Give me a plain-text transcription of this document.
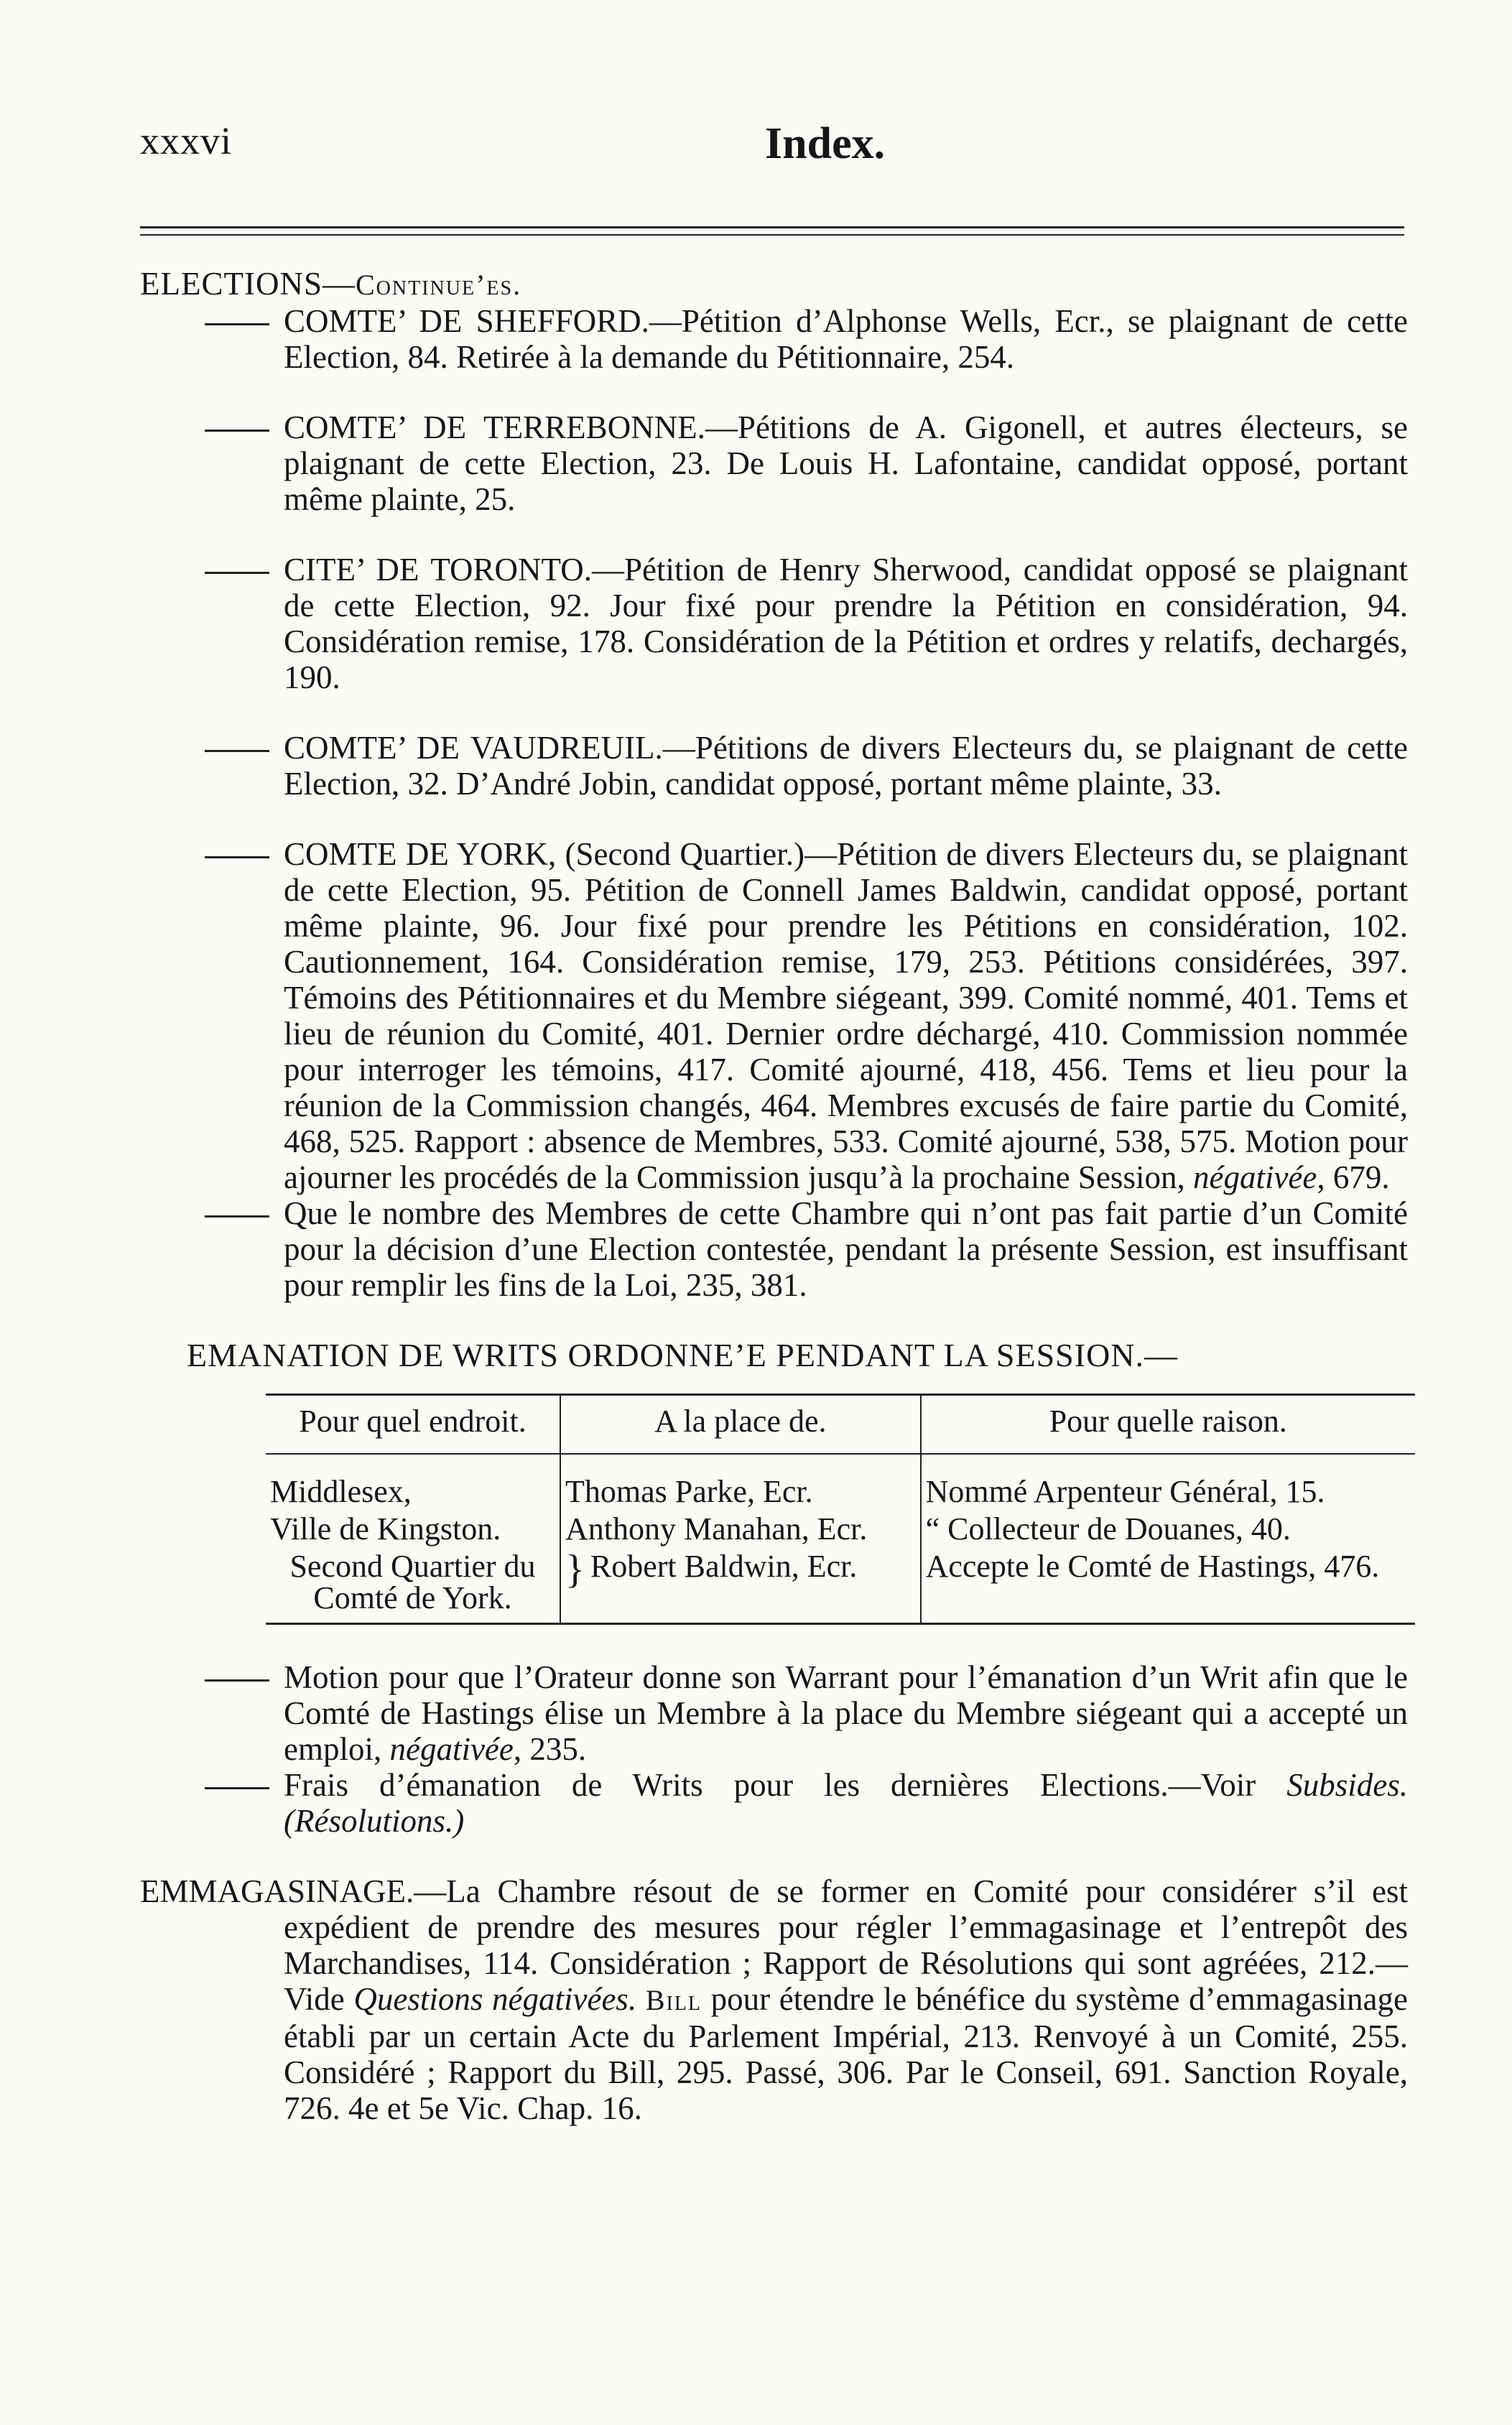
xxxvi	Index.

ELECTIONS—Continue’es.

COMTE’ DE SHEFFORD.—Pétition d’Alphonse Wells, Ecr., se plaignant de cette Election, 84. Retirée à la demande du Pétitionnaire, 254.

COMTE’ DE TERREBONNE.—Pétitions de A. Gigonell, et autres électeurs, se plaignant de cette Election, 23. De Louis H. Lafontaine, candidat opposé, portant même plainte, 25.

CITE’ DE TORONTO.—Pétition de Henry Sherwood, candidat opposé se plaignant de cette Election, 92. Jour fixé pour prendre la Pétition en considération, 94. Considération remise, 178. Considération de la Pétition et ordres y relatifs, dechargés, 190.

COMTE’ DE VAUDREUIL.—Pétitions de divers Electeurs du, se plaignant de cette Election, 32. D’André Jobin, candidat opposé, portant même plainte, 33.

COMTE DE YORK, (Second Quartier.)—Pétition de divers Electeurs du, se plaignant de cette Election, 95. Pétition de Connell James Baldwin, candidat opposé, portant même plainte, 96. Jour fixé pour prendre les Pétitions en considération, 102. Cautionnement, 164. Considération remise, 179, 253. Pétitions considérées, 397. Témoins des Pétitionnaires et du Membre siégeant, 399. Comité nommé, 401. Tems et lieu de réunion du Comité, 401. Dernier ordre déchargé, 410. Commission nommée pour interroger les témoins, 417. Comité ajourné, 418, 456. Tems et lieu pour la réunion de la Commission changés, 464. Membres excusés de faire partie du Comité, 468, 525. Rapport : absence de Membres, 533. Comité ajourné, 538, 575. Motion pour ajourner les procédés de la Commission jusqu’à la prochaine Session, négativée, 679.

Que le nombre des Membres de cette Chambre qui n’ont pas fait partie d’un Comité pour la décision d’une Election contestée, pendant la présente Session, est insuffisant pour remplir les fins de la Loi, 235, 381.

EMANATION DE WRITS ORDONNE’E PENDANT LA SESSION.—

Pour quel endroit.	A la place de.	Pour quelle raison.

Middlesex,	Thomas Parke, Ecr.	Nommé Arpenteur Général, 15.
Ville de Kingston.	Anthony Manahan, Ecr.	“ Collecteur de Douanes, 40.
Second Quartier du Comté de York.	} Robert Baldwin, Ecr.	Accepte le Comté de Hastings, 476.

Motion pour que l’Orateur donne son Warrant pour l’émanation d’un Writ afin que le Comté de Hastings élise un Membre à la place du Membre siégeant qui a accepté un emploi, négativée, 235.

Frais d’émanation de Writs pour les dernières Elections.—Voir Subsides. (Résolutions.)

EMMAGASINAGE.—La Chambre résout de se former en Comité pour considérer s’il est expédient de prendre des mesures pour régler l’emmagasinage et l’entrepôt des Marchandises, 114. Considération ; Rapport de Résolutions qui sont agréées, 212.—Vide Questions négativées. Bill pour étendre le bénéfice du système d’emmagasinage établi par un certain Acte du Parlement Impérial, 213. Renvoyé à un Comité, 255. Considéré ; Rapport du Bill, 295. Passé, 306. Par le Conseil, 691. Sanction Royale, 726. 4e et 5e Vic. Chap. 16.
